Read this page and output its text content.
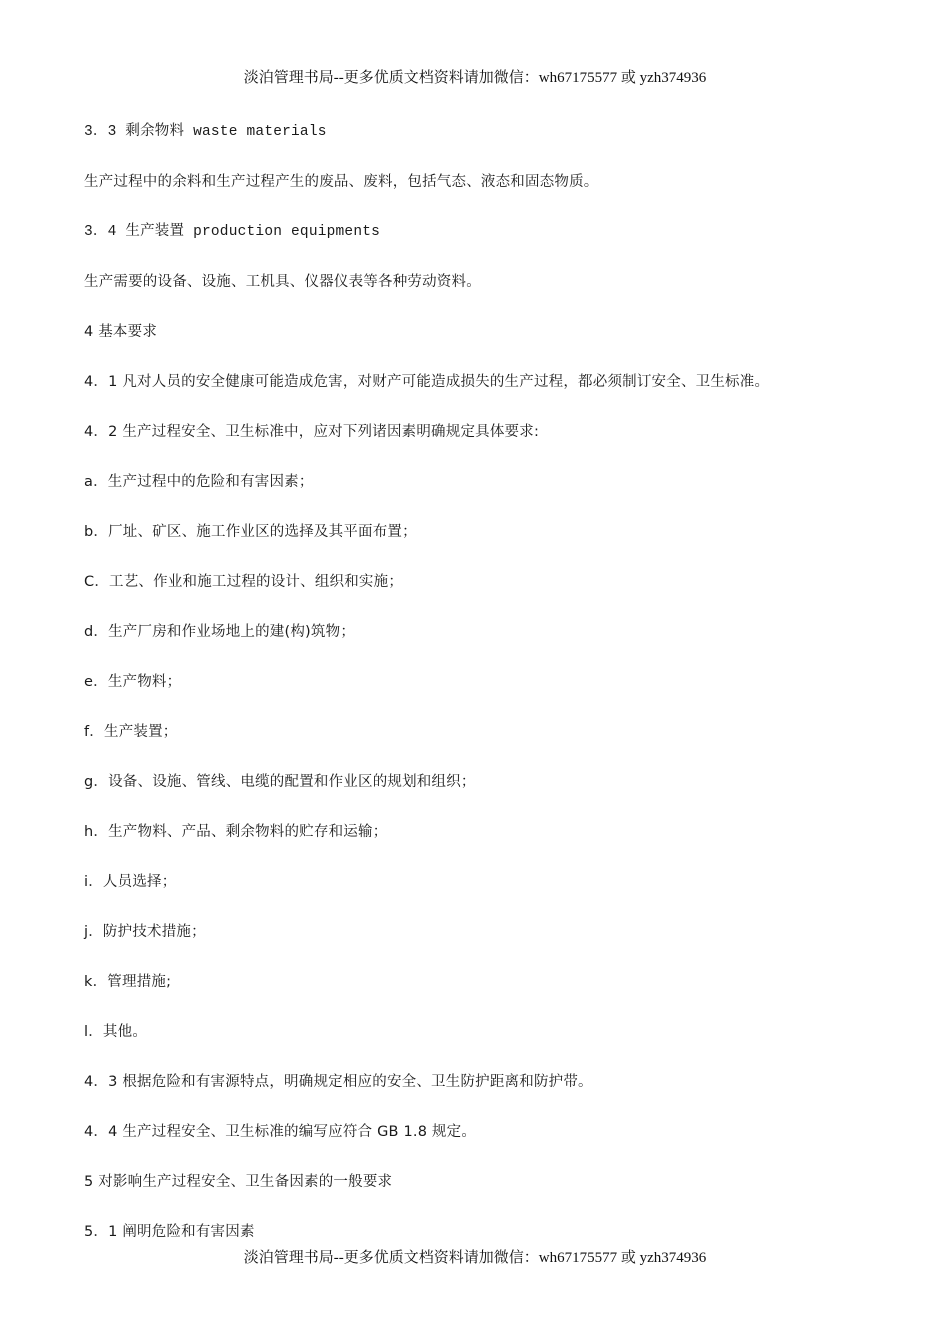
淡泊管理书局--更多优质文档资料请加微信：wh67175577 或 yzh374936
3．3 剩余物料 waste materials
生产过程中的余料和生产过程产生的废品、废料，包括气态、液态和固态物质。
3．4 生产装置 production equipments
生产需要的设备、设施、工机具、仪器仪表等各种劳动资料。
4 基本要求
4．1 凡对人员的安全健康可能造成危害，对财产可能造成损失的生产过程，都必须制订安全、卫生标准。
4．2 生产过程安全、卫生标准中，应对下列诸因素明确规定具体要求:
a．生产过程中的危险和有害因素；
b．厂址、矿区、施工作业区的选择及其平面布置；
C．工艺、作业和施工过程的设计、组织和实施；
d．生产厂房和作业场地上的建(构)筑物；
e．生产物料；
f．生产装置；
g．设备、设施、管线、电缆的配置和作业区的规划和组织；
h．生产物料、产品、剩余物料的贮存和运输；
i．人员选择；
j．防护技术措施；
k．管理措施;
l．其他。
4．3 根据危险和有害源特点，明确规定相应的安全、卫生防护距离和防护带。
4．4 生产过程安全、卫生标准的编写应符合 GB 1.8 规定。
5 对影响生产过程安全、卫生备因素的一般要求
5．1 阐明危险和有害因素
淡泊管理书局--更多优质文档资料请加微信：wh67175577 或 yzh374936
